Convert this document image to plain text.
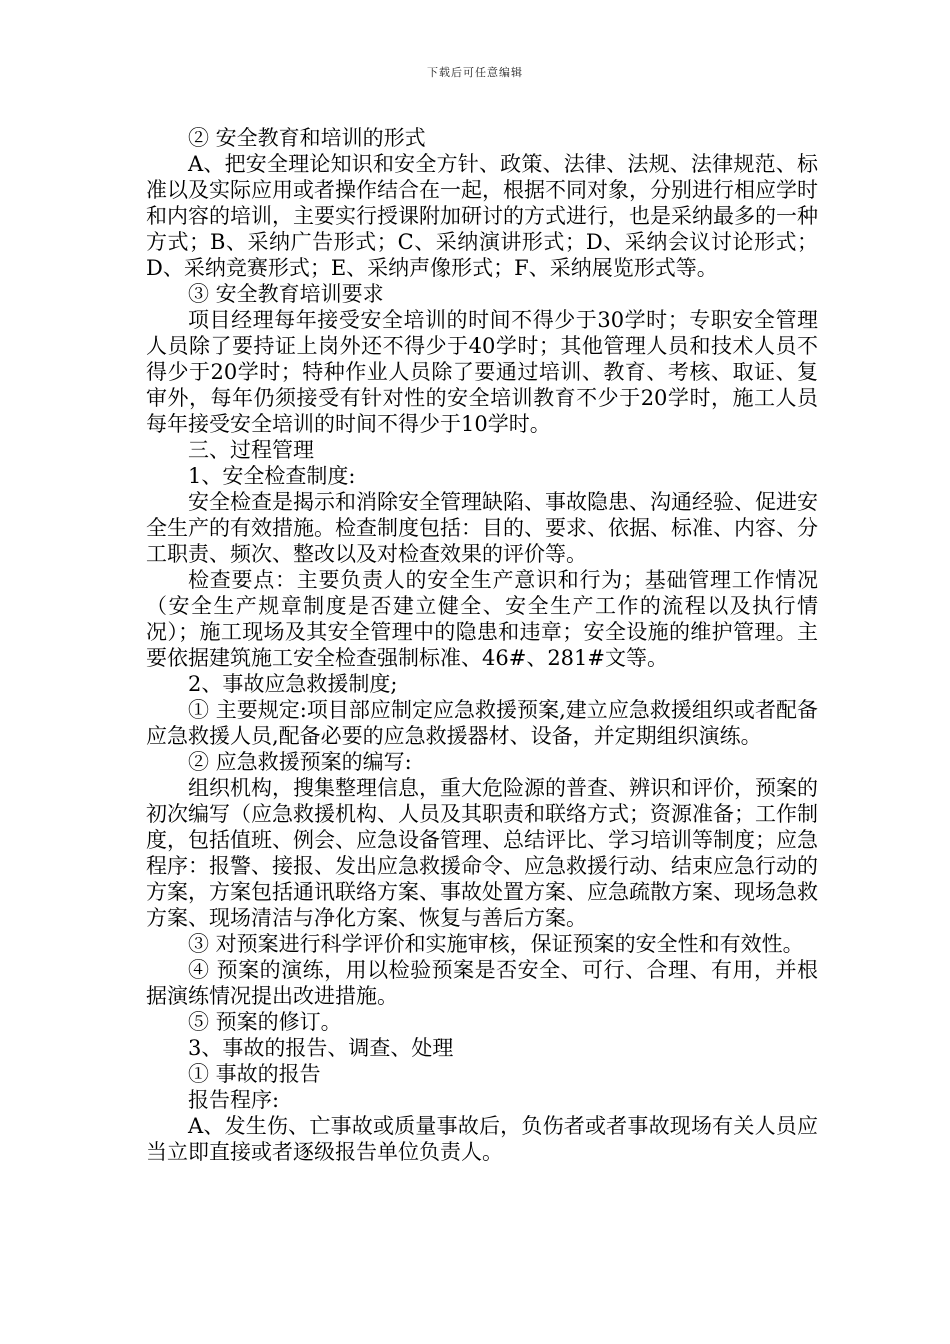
下载后可任意编辑

② 安全教育和培训的形式

A、把安全理论知识和安全方针、政策、法律、法规、法律规范、标准以及实际应用或者操作结合在一起，根据不同对象，分别进行相应学时和内容的培训，主要实行授课附加研讨的方式进行，也是采纳最多的一种方式；B、采纳广告形式；C、采纳演讲形式；D、采纳会议讨论形式；D、采纳竞赛形式；E、采纳声像形式；F、采纳展览形式等。

③ 安全教育培训要求

项目经理每年接受安全培训的时间不得少于30学时；专职安全管理人员除了要持证上岗外还不得少于40学时；其他管理人员和技术人员不得少于20学时；特种作业人员除了要通过培训、教育、考核、取证、复审外，每年仍须接受有针对性的安全培训教育不少于20学时，施工人员每年接受安全培训的时间不得少于10学时。

三、过程管理

1、安全检查制度:

安全检查是揭示和消除安全管理缺陷、事故隐患、沟通经验、促进安全生产的有效措施。检查制度包括：目的、要求、依据、标准、内容、分工职责、频次、整改以及对检查效果的评价等。

检查要点：主要负责人的安全生产意识和行为；基础管理工作情况（安全生产规章制度是否建立健全、安全生产工作的流程以及执行情况）；施工现场及其安全管理中的隐患和违章；安全设施的维护管理。主要依据建筑施工安全检查强制标准、46#、281#文等。

2、事故应急救援制度;

① 主要规定:项目部应制定应急救援预案,建立应急救援组织或者配备应急救援人员,配备必要的应急救援器材、设备，并定期组织演练。

② 应急救援预案的编写:

组织机构，搜集整理信息，重大危险源的普查、辨识和评价，预案的初次编写（应急救援机构、人员及其职责和联络方式；资源准备；工作制度，包括值班、例会、应急设备管理、总结评比、学习培训等制度；应急程序：报警、接报、发出应急救援命令、应急救援行动、结束应急行动的方案，方案包括通讯联络方案、事故处置方案、应急疏散方案、现场急救方案、现场清洁与净化方案、恢复与善后方案。

③ 对预案进行科学评价和实施审核，保证预案的安全性和有效性。

④ 预案的演练，用以检验预案是否安全、可行、合理、有用，并根据演练情况提出改进措施。

⑤ 预案的修订。

3、事故的报告、调查、处理

① 事故的报告

报告程序:

A、发生伤、亡事故或质量事故后，负伤者或者事故现场有关人员应当立即直接或者逐级报告单位负责人。
